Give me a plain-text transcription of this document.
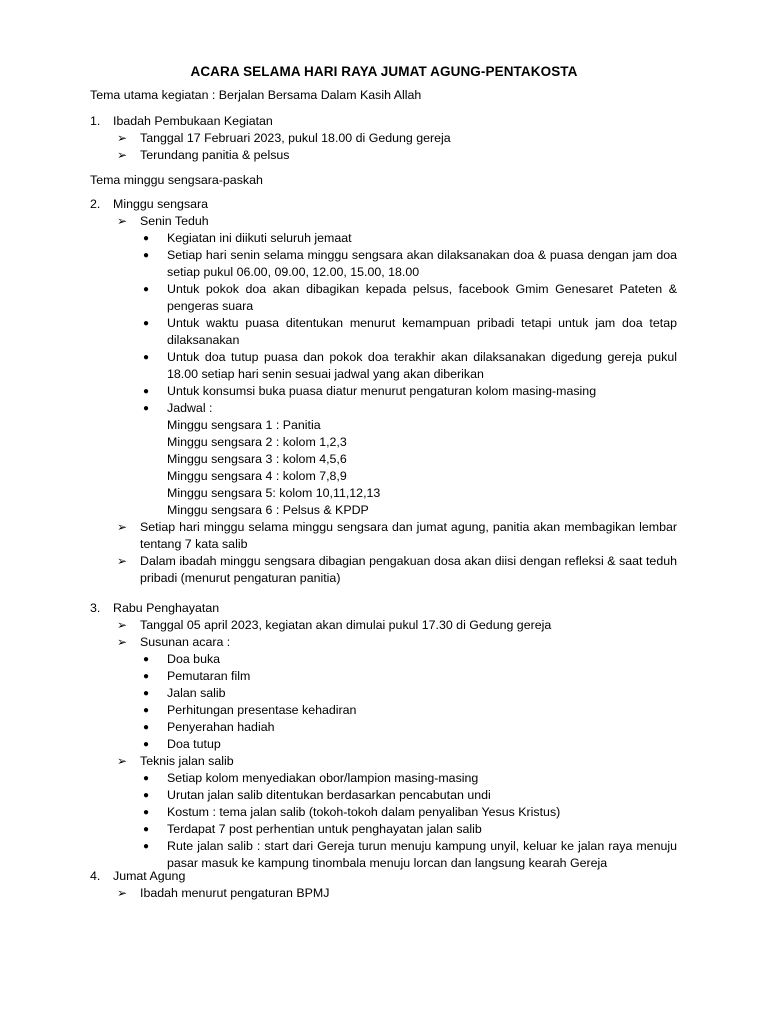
ACARA SELAMA HARI RAYA JUMAT AGUNG-PENTAKOSTA
Tema utama kegiatan : Berjalan Bersama Dalam Kasih Allah
1. Ibadah Pembukaan Kegiatan
➢ Tanggal 17 Februari 2023, pukul 18.00 di Gedung gereja
➢ Terundang panitia & pelsus
Tema minggu sengsara-paskah
2. Minggu sengsara
➢ Senin Teduh
● Kegiatan ini diikuti seluruh jemaat
● Setiap hari senin selama minggu sengsara akan dilaksanakan doa & puasa dengan jam doa setiap pukul 06.00, 09.00, 12.00, 15.00, 18.00
● Untuk pokok doa akan dibagikan kepada pelsus, facebook Gmim Genesaret Pateten & pengeras suara
● Untuk waktu puasa ditentukan menurut kemampuan pribadi tetapi untuk jam doa tetap dilaksanakan
● Untuk doa tutup puasa dan pokok doa terakhir akan dilaksanakan digedung gereja pukul 18.00 setiap hari senin sesuai jadwal yang akan diberikan
● Untuk konsumsi buka puasa diatur menurut pengaturan kolom masing-masing
● Jadwal :
Minggu sengsara 1 : Panitia
Minggu sengsara 2 : kolom 1,2,3
Minggu sengsara 3 : kolom 4,5,6
Minggu sengsara 4 : kolom 7,8,9
Minggu sengsara 5: kolom 10,11,12,13
Minggu sengsara 6 : Pelsus & KPDP
➢ Setiap hari minggu selama minggu sengsara dan jumat agung, panitia akan membagikan lembar tentang 7 kata salib
➢ Dalam ibadah minggu sengsara dibagian pengakuan dosa akan diisi dengan refleksi & saat teduh pribadi (menurut pengaturan panitia)
3. Rabu Penghayatan
➢ Tanggal 05 april 2023, kegiatan akan dimulai pukul 17.30 di Gedung gereja
➢ Susunan acara :
● Doa buka
● Pemutaran film
● Jalan salib
● Perhitungan presentase kehadiran
● Penyerahan hadiah
● Doa tutup
➢ Teknis jalan salib
● Setiap kolom menyediakan obor/lampion masing-masing
● Urutan jalan salib ditentukan berdasarkan pencabutan undi
● Kostum : tema jalan salib (tokoh-tokoh dalam penyaliban Yesus Kristus)
● Terdapat 7 post perhentian untuk penghayatan jalan salib
● Rute jalan salib : start dari Gereja turun menuju kampung unyil, keluar ke jalan raya menuju pasar masuk ke kampung tinombala menuju lorcan dan langsung kearah Gereja
4. Jumat Agung
➢ Ibadah menurut pengaturan BPMJ
